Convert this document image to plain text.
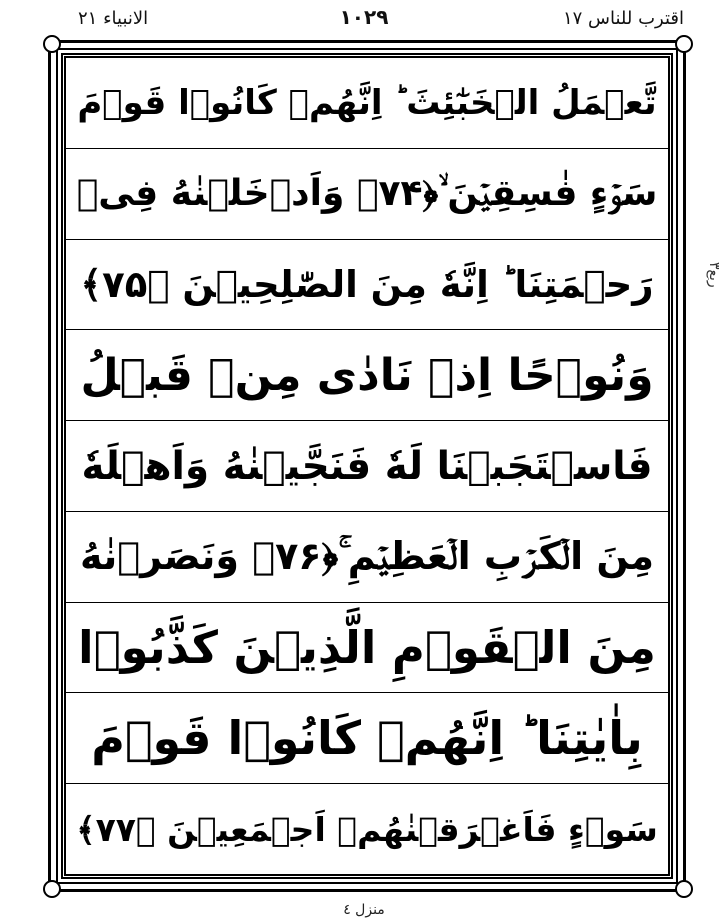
الانبیاء ۲۱	۱۰۲۹	اقترب للناس ۱۷
تَّعۡمَلُ الۡخَبٰٓئِثَ ؕ اِنَّهُمۡ كَانُوۡا قَوۡمَ
سَوۡءٍ فٰسِقِيۡنَ ۙ﴿۷۴﴾ وَاَدۡخَلۡنٰهُ فِىۡ
رَحۡمَتِنَا ؕ اِنَّهٗ مِنَ الصّٰلِحِيۡنَ ﴿۷۵﴾
وَنُوۡحًا اِذۡ نَادٰى مِنۡ قَبۡلُ
فَاسۡتَجَبۡنَا لَهٗ فَنَجَّيۡنٰهُ وَاَهۡلَهٗ
مِنَ الۡكَرۡبِ الۡعَظِيۡمِ ۚ﴿۷۶﴾ وَنَصَرۡنٰهُ
مِنَ الۡقَوۡمِ الَّذِيۡنَ كَذَّبُوۡا
بِاٰيٰتِنَا ؕ اِنَّهُمۡ كَانُوۡا قَوۡمَ
سَوۡءٍ فَاَغۡرَقۡنٰهُمۡ اَجۡمَعِيۡنَ ﴿۷۷﴾
۳ربع
منزل ٤
